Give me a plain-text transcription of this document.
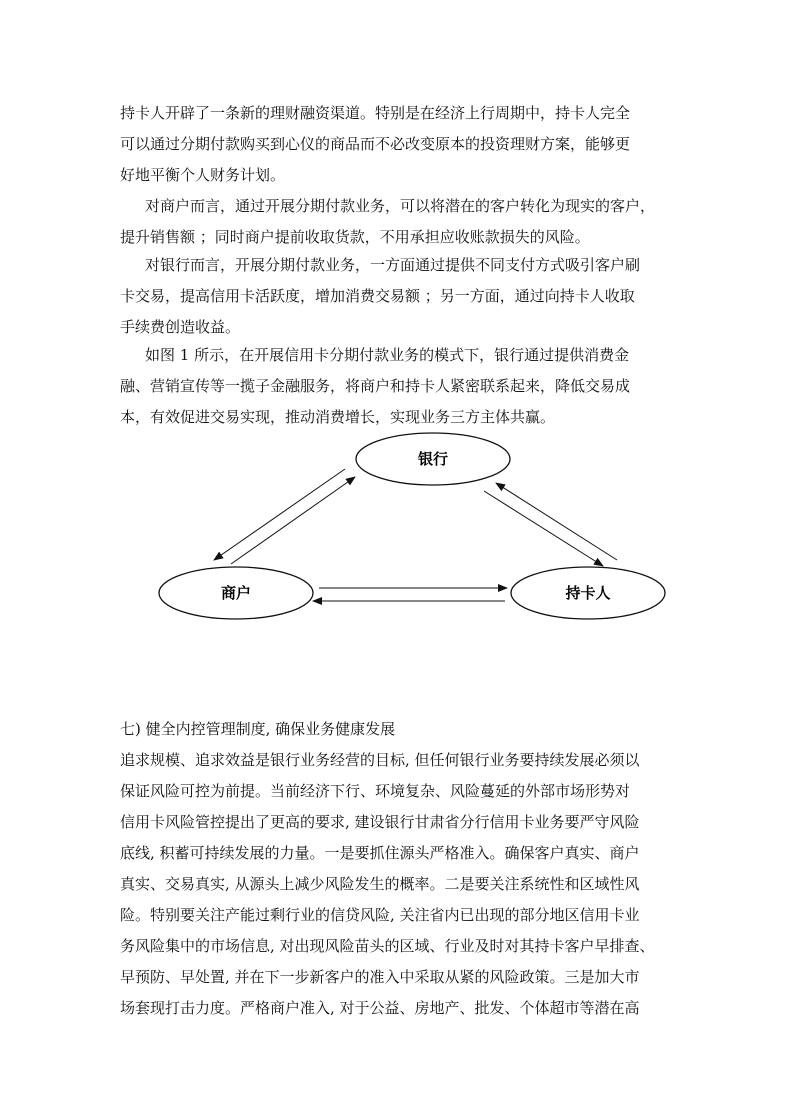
持卡人开辟了一条新的理财融资渠道。特别是在经济上行周期中，持卡人完全
可以通过分期付款购买到心仪的商品而不必改变原本的投资理财方案，能够更
好地平衡个人财务计划。
对商户而言，通过开展分期付款业务，可以将潜在的客户转化为现实的客户，
提升销售额 ；同时商户提前收取货款，不用承担应收账款损失的风险。
对银行而言，开展分期付款业务，一方面通过提供不同支付方式吸引客户刷
卡交易，提高信用卡活跃度，增加消费交易额 ；另一方面，通过向持卡人收取
手续费创造收益。
如图 1 所示，在开展信用卡分期付款业务的模式下，银行通过提供消费金
融、营销宣传等一揽子金融服务，将商户和持卡人紧密联系起来，降低交易成
本，有效促进交易实现，推动消费增长，实现业务三方主体共赢。
银行
商户	持卡人
七) 健全内控管理制度, 确保业务健康发展
追求规模、追求效益是银行业务经营的目标, 但任何银行业务要持续发展必须以
保证风险可控为前提。当前经济下行、环境复杂、风险蔓延的外部市场形势对
信用卡风险管控提出了更高的要求, 建设银行甘肃省分行信用卡业务要严守风险
底线, 积蓄可持续发展的力量。一是要抓住源头严格准入。确保客户真实、商户
真实、交易真实, 从源头上减少风险发生的概率。二是要关注系统性和区域性风
险。特别要关注产能过剩行业的信贷风险, 关注省内已出现的部分地区信用卡业
务风险集中的市场信息, 对出现风险苗头的区域、行业及时对其持卡客户早排查、
早预防、早处置, 并在下一步新客户的准入中采取从紧的风险政策。三是加大市
场套现打击力度。严格商户准入, 对于公益、房地产、批发、个体超市等潜在高
